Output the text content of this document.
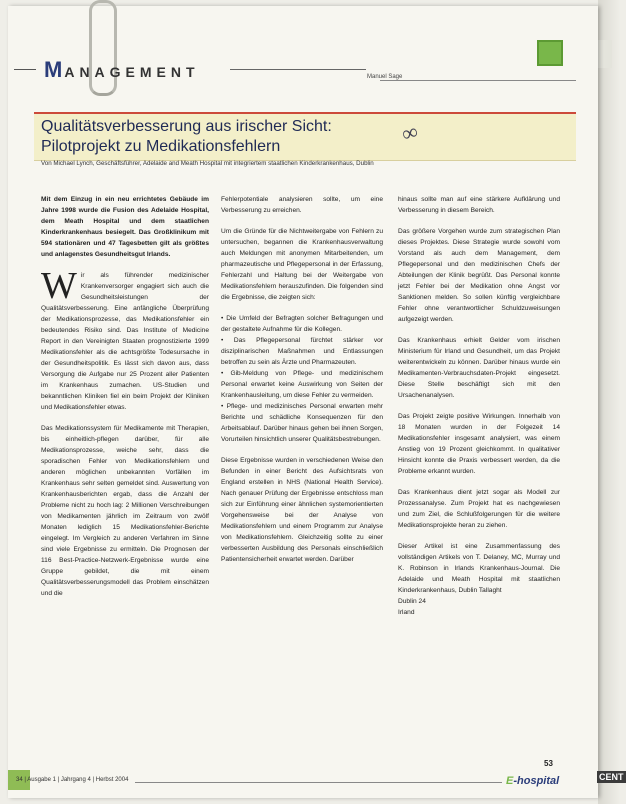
MANAGEMENT	Manuel Sage
Qualitätsverbesserung aus irischer Sicht:
Pilotprojekt zu Medikationsfehlern	∞
Von Michael Lynch, Geschäftsführer, Adelaide and Meath Hospital mit integriertem staatlichen Kinderkrankenhaus, Dublin

Mit dem Einzug in ein neu errichtetes Gebäude im Jahre 1998 wurde die Fusion des Adelaide Hospital, dem Meath Hospital und dem staatlichen Kinderkrankenhaus besiegelt. Das Großklinikum mit 594 stationären und 47 Tagesbetten gilt als größtes und anlagenstes Gesundheitsgut Irlands.

Wir als führender medizinischer Krankenversorger engagiert sich auch die Gesundheitsleistungen der Qualitätsverbesserung. Eine anfängliche Überprüfung der Medikationsprozesse, das Medikationsfehler ein bedeutendes Risiko sind. Das Institute of Medicine Report in den Vereinigten Staaten prognostizierte 1999 Medikationsfehler als die achtsgrößte Todesursache in der Gesundheitspolitik. Es lässt sich davon aus, dass Versorgung die Aufgabe nur 25 Prozent aller Patienten im Krankenhaus zumachen. US-Studien und bekanntlichen Kliniken fiel ein beim Projekt der Kliniken und Medikationsfehler etwas.

Das Medikationssystem für Medikamente mit Therapien, bis einheitlich-pflegen darüber, für alle Medikationsprozesse, weiche sehr, dass die sporadischen Fehler von Medikationsfehlern und anderen möglichen unbekannten Vorfällen im Krankenhaus sehr selten gemeldet sind. Auswertung von Krankenhausberichten ergab, dass die Anzahl der Probleme nicht zu hoch lag: 2 Millionen Verschreibungen von Medikamenten jährlich im Zeitraum von zwölf Monaten lediglich 15 Medikationsfehler-Berichte eingelegt. Im Vergleich zu anderen Verfahren im Sinne sind viele Ergebnisse zu ermitteln. Die Prognosen der 116 Best-Practice-Netzwerk-Ergebnisse wurde eine Gruppe gebildet, die mit einem Qualitätsverbesserungsmodell das Problem einschätzen und die

Fehlerpotentiale analysieren sollte, um eine Verbesserung zu erreichen.

Um die Gründe für die Nichtweitergabe von Fehlern zu untersuchen, begannen die Krankenhausverwaltung auch Meldungen mit anonymen Mitarbeitenden, um pharmazeutische und Pflegepersonal in der Erfassung, Fehlerzahl und Haltung bei der Weitergabe von Medikationsfehlern herauszufinden. Die folgenden sind die Ergebnisse, die zeigten sich:

• Die Umfeld der Befragten solcher Befragungen und der gestaltete Aufnahme für die Kollegen.

• Das Pflegepersonal fürchtet stärker vor disziplinarischen Maßnahmen und Entlassungen betroffen zu sein als Ärzte und Pharmazeuten.

• Gib-Meldung von Pflege- und medizinischem Personal erwartet keine Auswirkung von Seiten der Krankenhausleitung, um diese Fehler zu vermeiden.

• Pflege- und medizinisches Personal erwarten mehr Berichte und schädliche Konsequenzen für den Arbeitsablauf. Darüber hinaus gehen bei ihnen Sorgen, Vorurteilen hinsichtlich unserer Qualitätsbestrebungen.

Diese Ergebnisse wurden in verschiedenen Weise den Befunden in einer Bericht des Aufsichtsrats von England erstellen in NHS (National Health Service). Nach genauer Prüfung der Ergebnisse entschloss man sich zur Einführung einer ähnlichen systemorientierten Vorgehensweise bei der Analyse von Medikationsfehlern und einem Programm zur Analyse von Medikationsfehlern. Gleichzeitig sollte zu einer verbesserten Ausbildung des Personals einschließlich Patientensicherheit erwartet werden. Darüber

hinaus sollte man auf eine stärkere Aufklärung und Verbesserung in diesem Bereich.

Das größere Vorgehen wurde zum strategischen Plan dieses Projektes. Diese Strategie wurde sowohl vom Vorstand als auch dem Management, dem Pflegepersonal und den medizinischen Chefs der Abteilungen der Klinik begrüßt. Das Personal konnte jetzt Fehler bei der Medikation ohne Angst vor Sanktionen melden. So sollen künftig vergleichbare Fehler ohne verantwortlicher Schuldzuweisungen aufgezeigt werden.

Das Krankenhaus erhielt Gelder vom irischen Ministerium für Irland und Gesundheit, um das Projekt weiterentwickeln zu können. Darüber hinaus wurde ein Medikamenten-Verbrauchsdaten-Projekt eingesetzt. Diese Stelle beschäftigt sich mit den Ursachenanalysen.

Das Projekt zeigte positive Wirkungen. Innerhalb von 18 Monaten wurden in der Folgezeit 14 Medikationsfehler insgesamt analysiert, was einem Anstieg von 19 Prozent gleichkommt. In qualitativer Hinsicht konnte die Praxis verbessert werden, da die Probleme erkannt wurden.

Das Krankenhaus dient jetzt sogar als Modell zur Prozessanalyse. Zum Projekt hat es nachgewiesen und zum Ziel, die Schlußfolgerungen für die weitere Medikationsprojekte heran zu ziehen.

Dieser Artikel ist eine Zusammenfassung des vollständigen Artikels von T. Delaney, MC, Murray und K. Robinson in Irlands Krankenhaus-Journal. Die Adelaide und Meath Hospital mit staatlichen Kinderkrankenhaus, Dublin Tallaght

Dublin 24

Irland

53
34 | Ausgabe 1 | Jahrgang 4 | Herbst 2004	E-hospital	CENT
